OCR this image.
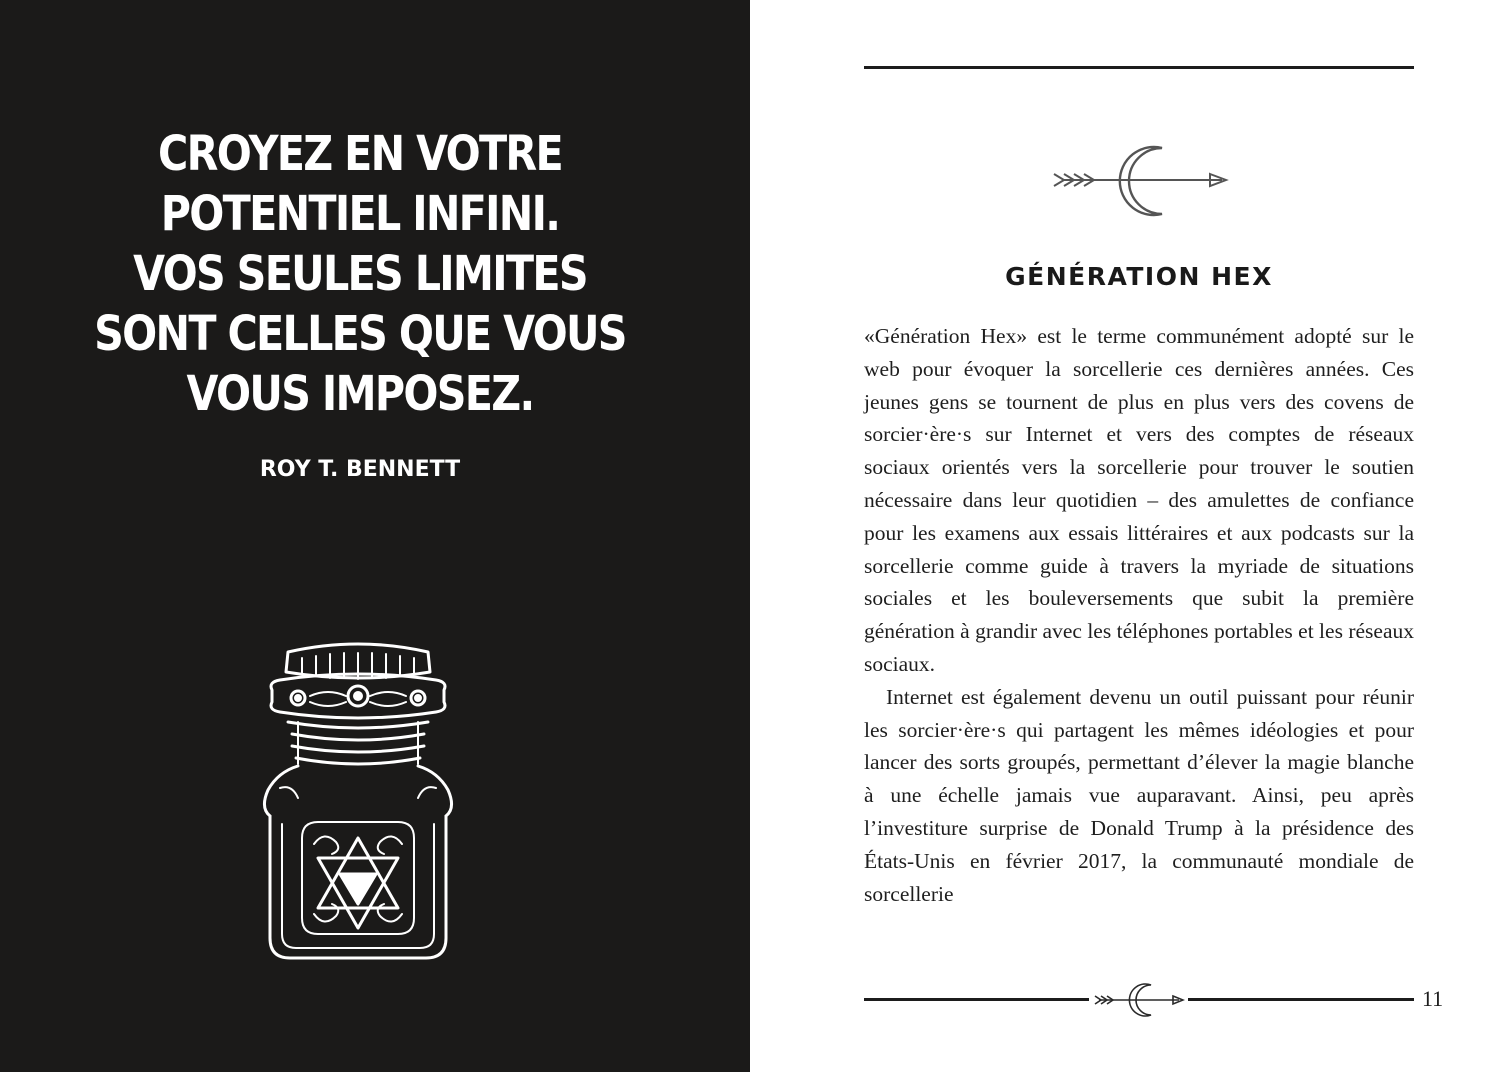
CROYEZ EN VOTRE
POTENTIEL INFINI.
VOS SEULES LIMITES
SONT CELLES QUE VOUS
VOUS IMPOSEZ.
ROY T. BENNETT
GÉNÉRATION HEX

«Génération Hex» est le terme communément adopté sur le web pour évoquer la sorcellerie ces dernières années. Ces jeunes gens se tournent de plus en plus vers des covens de sorcier·ère·s sur Internet et vers des comptes de réseaux sociaux orientés vers la sorcellerie pour trouver le soutien nécessaire dans leur quotidien – des amulettes de confiance pour les examens aux essais littéraires et aux podcasts sur la sorcellerie comme guide à travers la myriade de situations sociales et les bouleversements que subit la première génération à grandir avec les téléphones portables et les réseaux sociaux.

Internet est également devenu un outil puissant pour réunir les sorcier·ère·s qui partagent les mêmes idéologies et pour lancer des sorts groupés, permettant d’élever la magie blanche à une échelle jamais vue auparavant. Ainsi, peu après l’investiture surprise de Donald Trump à la présidence des États-Unis en février 2017, la communauté mondiale de sorcellerie

11
